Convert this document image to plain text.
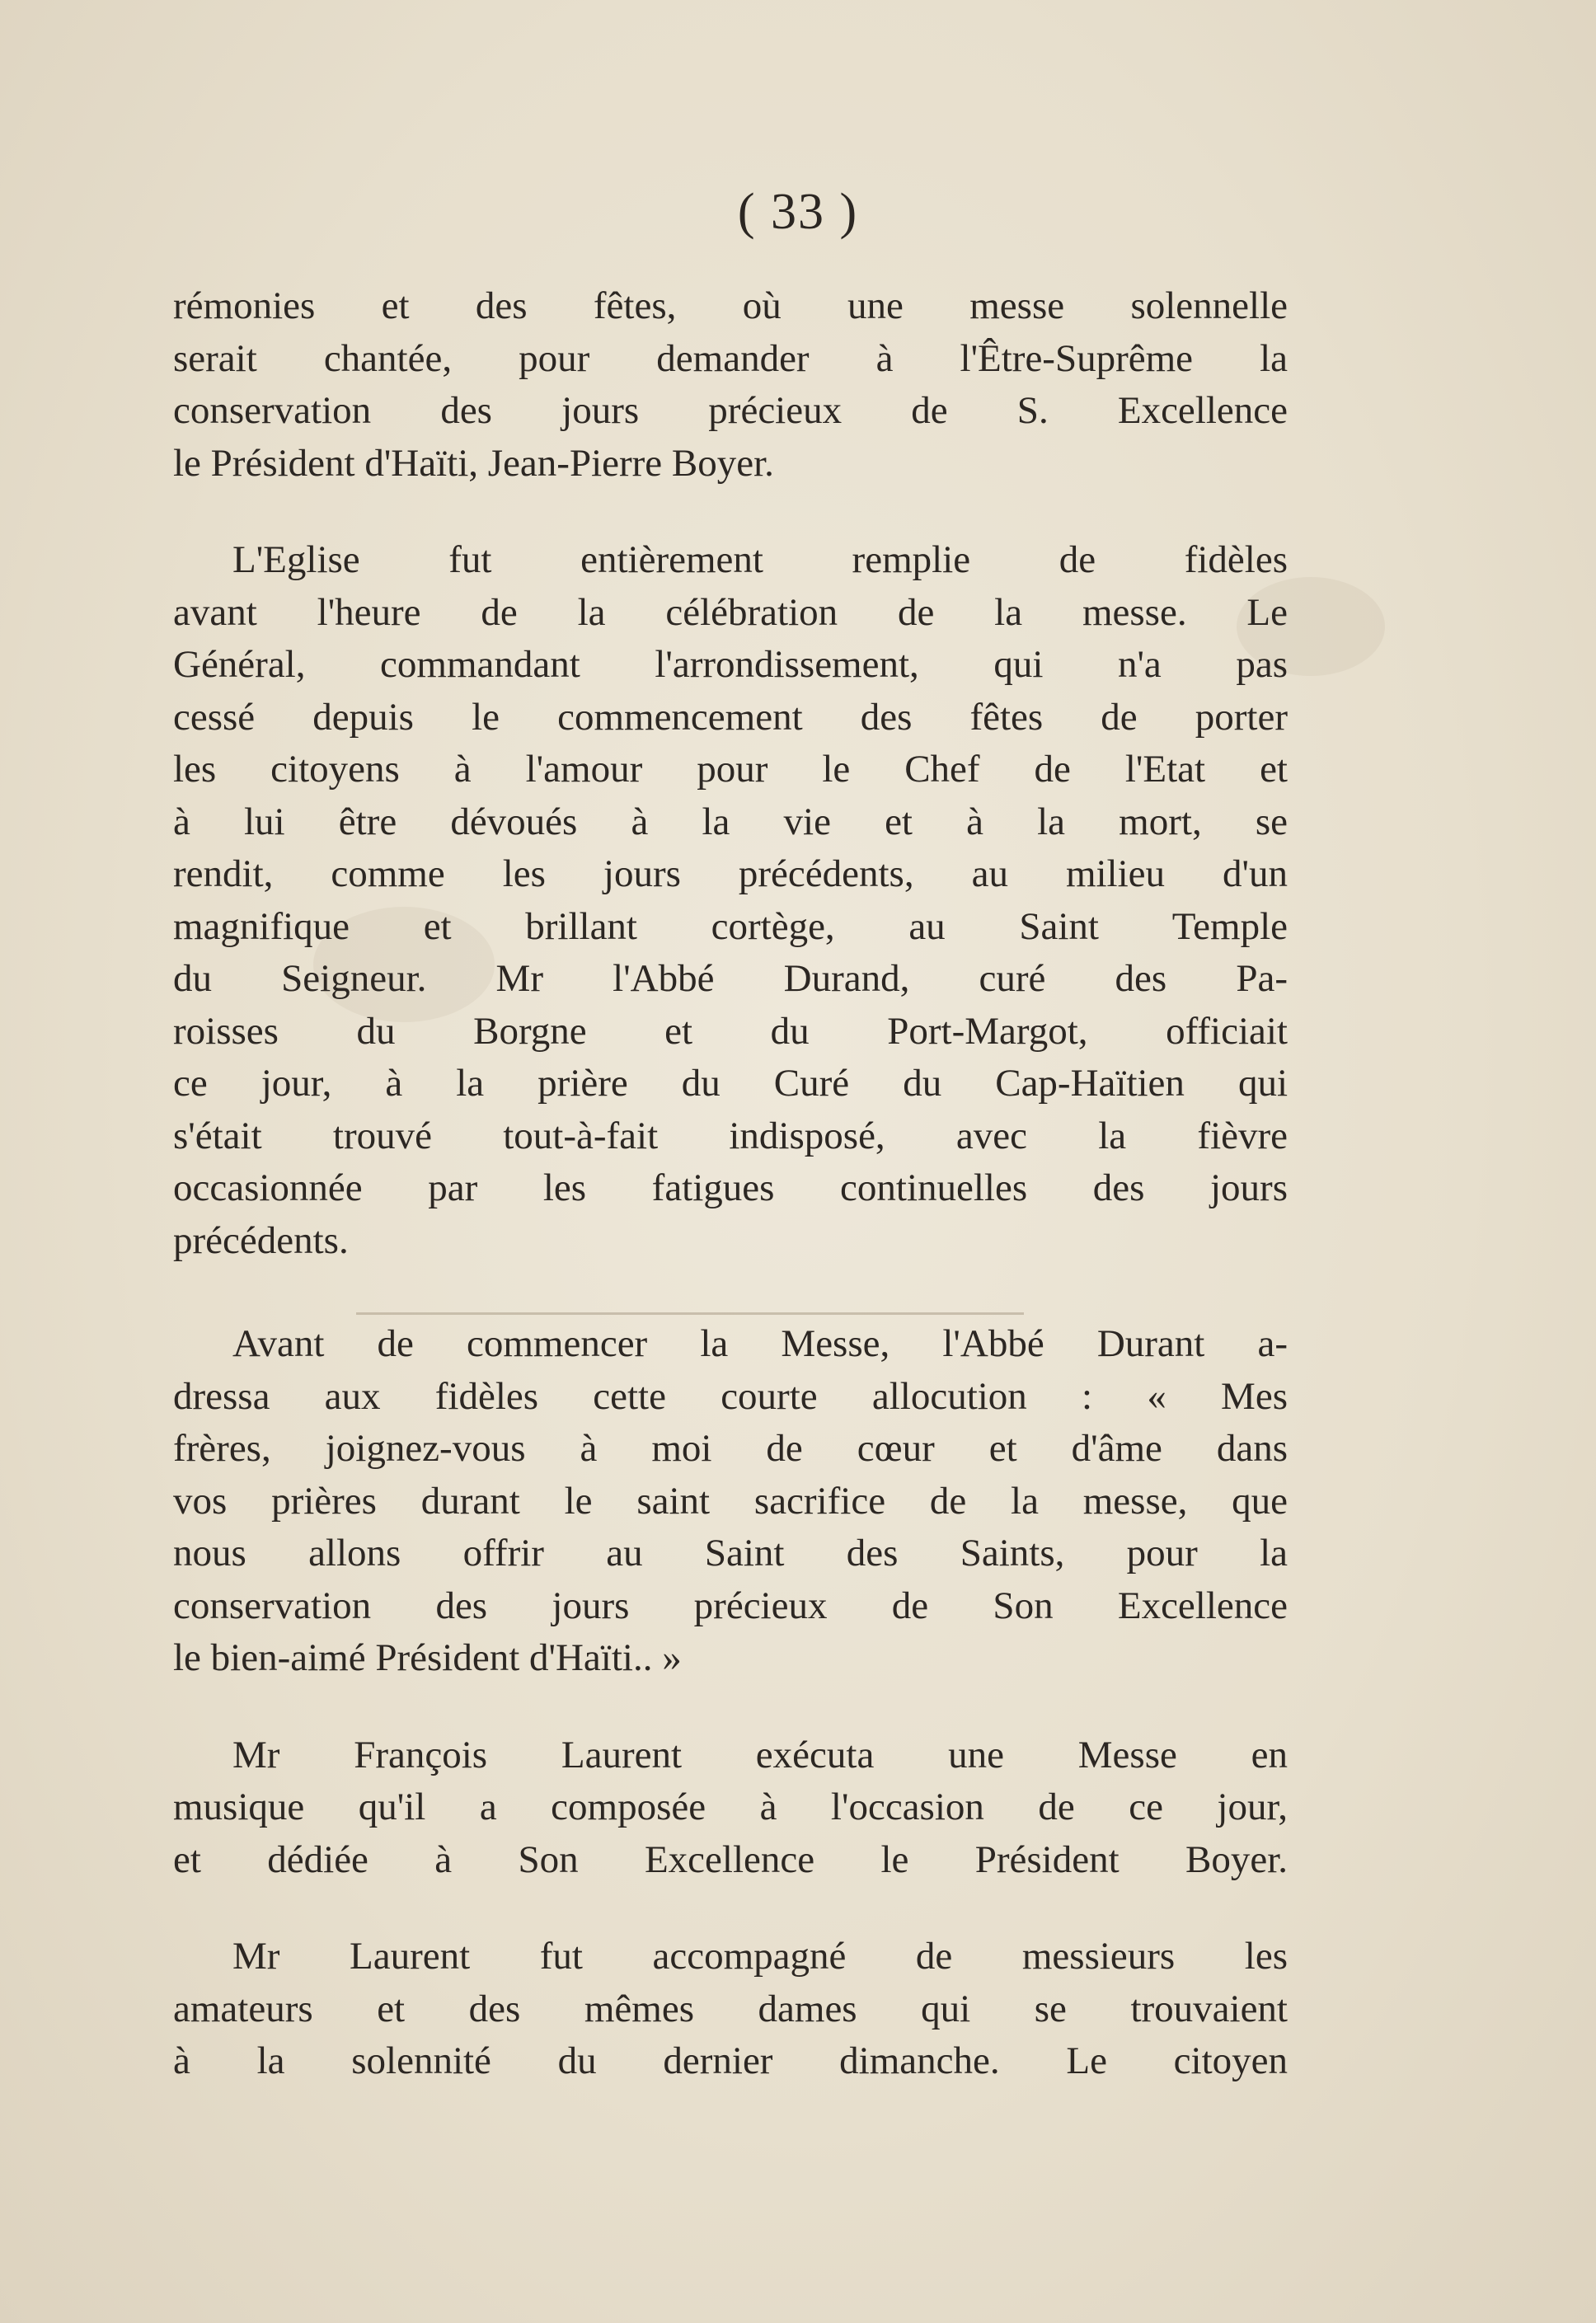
( 33 )
rémonies et des fêtes, où une messe solennelle
serait chantée, pour demander à l'Être-Suprême la
conservation des jours précieux de S. Excellence
le Président d'Haïti, Jean-Pierre Boyer.
L'Eglise fut entièrement remplie de fidèles
avant l'heure de la célébration de la messe. Le
Général, commandant l'arrondissement, qui n'a pas
cessé depuis le commencement des fêtes de porter
les citoyens à l'amour pour le Chef de l'Etat et
à lui être dévoués à la vie et à la mort, se
rendit, comme les jours précédents, au milieu d'un
magnifique et brillant cortège, au Saint Temple
du Seigneur. Mr l'Abbé Durand, curé des Pa-
roisses du Borgne et du Port-Margot, officiait
ce jour, à la prière du Curé du Cap-Haïtien qui
s'était trouvé tout-à-fait indisposé, avec la fièvre
occasionnée par les fatigues continuelles des jours
précédents.
Avant de commencer la Messe, l'Abbé Durant a-
dressa aux fidèles cette courte allocution : « Mes
frères, joignez-vous à moi de cœur et d'âme dans
vos prières durant le saint sacrifice de la messe, que
nous allons offrir au Saint des Saints, pour la
conservation des jours précieux de Son Excellence
le bien-aimé Président d'Haïti.. »
Mr François Laurent exécuta une Messe en
musique qu'il a composée à l'occasion de ce jour,
et dédiée à Son Excellence le Président Boyer.
Mr Laurent fut accompagné de messieurs les
amateurs et des mêmes dames qui se trouvaient
à la solennité du dernier dimanche. Le citoyen
